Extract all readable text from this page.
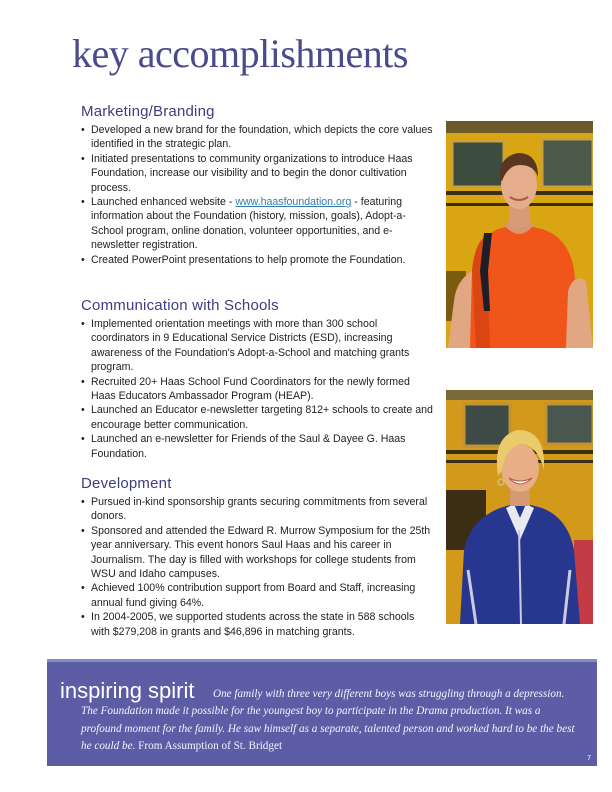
key accomplishments
Marketing/Branding
• Developed a new brand for the foundation, which depicts the core values identified in the strategic plan.
• Initiated presentations to community organizations to introduce Haas Foundation, increase our visibility and to begin the donor cultivation process.
• Launched enhanced website - www.haasfoundation.org - featuring information about the Foundation (history, mission, goals), Adopt-a-School program, online donation, volunteer opportunities, and e-newsletter registration.
• Created PowerPoint presentations to help promote the Foundation.
Communication with Schools
• Implemented orientation meetings with more than 300 school coordinators in 9 Educational Service Districts (ESD), increasing awareness of the Foundation's Adopt-a-School and matching grants program.
• Recruited 20+ Haas School Fund Coordinators for the newly formed Haas Educators Ambassador Program (HEAP).
• Launched an Educator e-newsletter targeting 812+ schools to create and encourage better communication.
• Launched an e-newsletter for Friends of the Saul & Dayee G. Haas Foundation.
Development
• Pursued in-kind sponsorship grants securing commitments from several donors.
• Sponsored and attended the Edward R. Murrow Symposium for the 25th year anniversary. This event honors Saul Haas and his career in Journalism. The day is filled with workshops for college students from WSU and Idaho campuses.
• Achieved 100% contribution support from Board and Staff, increasing annual fund giving 64%.
• In 2004-2005, we supported students across the state in 588 schools with $279,208 in grants and $46,896 in matching grants.
inspiring spirit	One family with three very different boys was struggling through a depression. The Foundation made it possible for the youngest boy to participate in the Drama production. It was a profound moment for the family. He saw himself as a separate, talented person and worked hard to be the best he could be. From Assumption of St. Bridget
7
